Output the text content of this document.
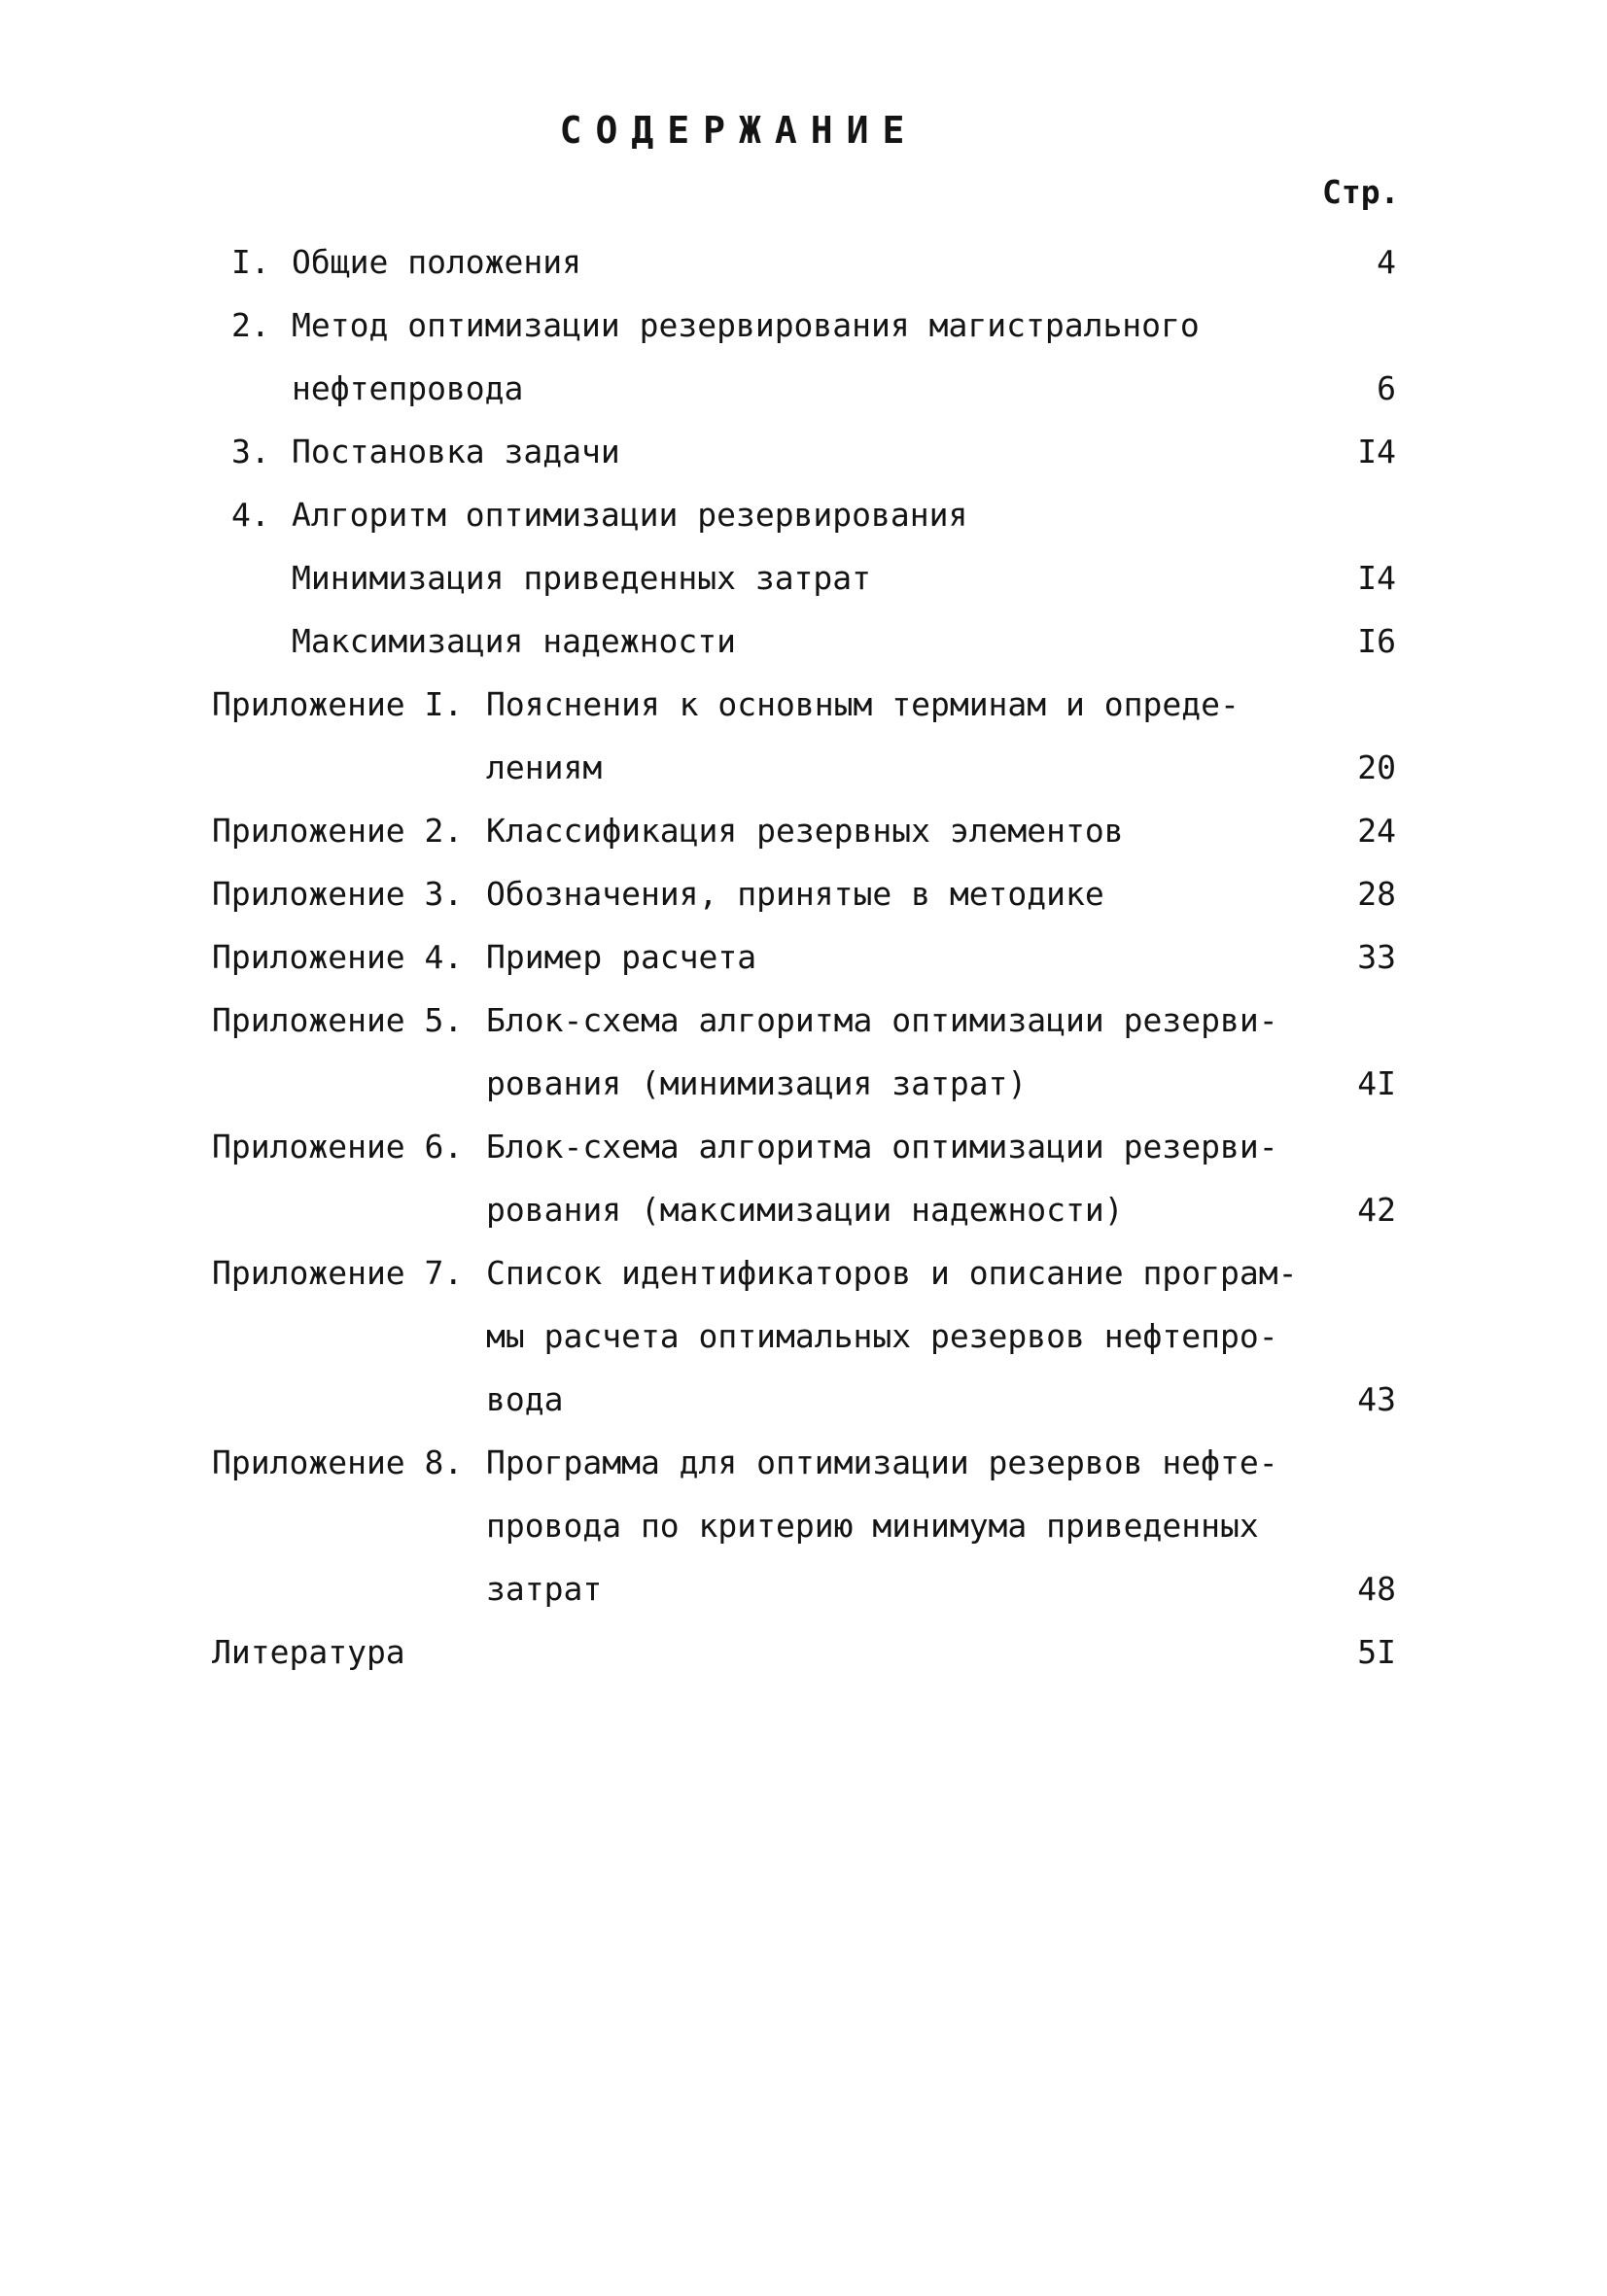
СОДЕРЖАНИЕ
Стр.
I. Общие положения	4
2. Метод оптимизации резервирования магистрального
нефтепровода	6
3. Постановка задачи	I4
4. Алгоритм оптимизации резервирования
Минимизация приведенных затрат	I4
Максимизация надежности	I6
Приложение I. Пояснения к основным терминам и опреде-
лениям	20
Приложение 2. Классификация резервных элементов	24
Приложение 3. Обозначения, принятые в методике	28
Приложение 4. Пример расчета	33
Приложение 5. Блок-схема алгоритма оптимизации резерви-
рования (минимизация затрат)	4I
Приложение 6. Блок-схема алгоритма оптимизации резерви-
рования (максимизации надежности)	42
Приложение 7. Список идентификаторов и описание програм-
мы расчета оптимальных резервов нефтепро-
вода	43
Приложение 8. Программа для оптимизации резервов нефте-
провода по критерию минимума приведенных
затрат	48
Литература	5I
